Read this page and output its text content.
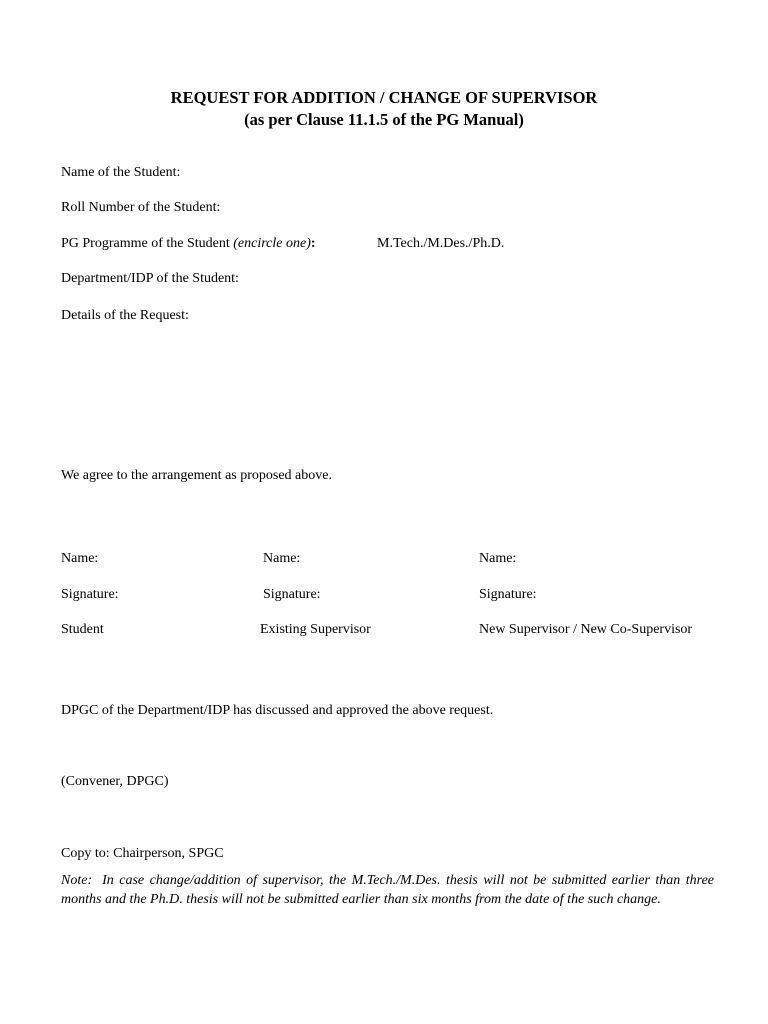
REQUEST FOR ADDITION / CHANGE OF SUPERVISOR
(as per Clause 11.1.5 of the PG Manual)
Name of the Student:
Roll Number of the Student:
PG Programme of the Student (encircle one):	M.Tech./M.Des./Ph.D.
Department/IDP of the Student:
Details of the Request:
We agree to the arrangement as proposed above.
Name:	Name:	Name:
Signature:	Signature:	Signature:
Student	Existing Supervisor	New Supervisor / New Co-Supervisor
DPGC of the Department/IDP has discussed and approved the above request.
(Convener, DPGC)
Copy to: Chairperson, SPGC
Note: In case change/addition of supervisor, the M.Tech./M.Des. thesis will not be submitted earlier than three months and the Ph.D. thesis will not be submitted earlier than six months from the date of the such change.
